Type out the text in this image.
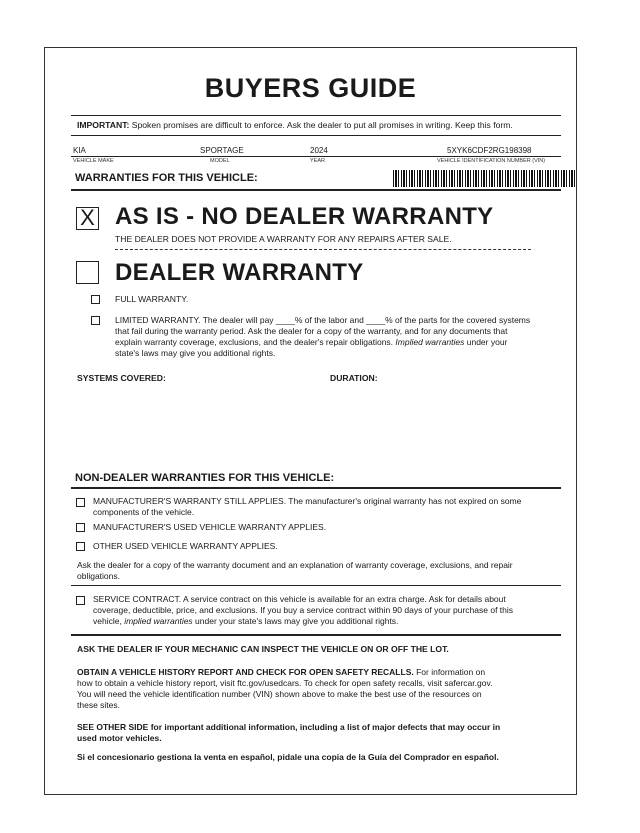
BUYERS GUIDE
IMPORTANT: Spoken promises are difficult to enforce. Ask the dealer to put all promises in writing. Keep this form.
KIA
VEHICLE MAKE
SPORTAGE
MODEL
2024
YEAR
5XYK6CDF2RG198398
VEHICLE IDENTIFICATION NUMBER (VIN)
WARRANTIES FOR THIS VEHICLE:
X AS IS - NO DEALER WARRANTY
THE DEALER DOES NOT PROVIDE A WARRANTY FOR ANY REPAIRS AFTER SALE.
DEALER WARRANTY
FULL WARRANTY.
LIMITED WARRANTY. The dealer will pay ____% of the labor and ____% of the parts for the covered systems
that fail during the warranty period. Ask the dealer for a copy of the warranty, and for any documents that
explain warranty coverage, exclusions, and the dealer's repair obligations. Implied warranties under your
state's laws may give you additional rights.
SYSTEMS COVERED:	DURATION:
NON-DEALER WARRANTIES FOR THIS VEHICLE:
MANUFACTURER'S WARRANTY STILL APPLIES. The manufacturer's original warranty has not expired on some
components of the vehicle.
MANUFACTURER'S USED VEHICLE WARRANTY APPLIES.
OTHER USED VEHICLE WARRANTY APPLIES.
Ask the dealer for a copy of the warranty document and an explanation of warranty coverage, exclusions, and repair
obligations.
SERVICE CONTRACT. A service contract on this vehicle is available for an extra charge. Ask for details about
coverage, deductible, price, and exclusions. If you buy a service contract within 90 days of your purchase of this
vehicle, implied warranties under your state's laws may give you additional rights.
ASK THE DEALER IF YOUR MECHANIC CAN INSPECT THE VEHICLE ON OR OFF THE LOT.
OBTAIN A VEHICLE HISTORY REPORT AND CHECK FOR OPEN SAFETY RECALLS. For information on
how to obtain a vehicle history report, visit ftc.gov/usedcars. To check for open safety recalls, visit safercar.gov.
You will need the vehicle identification number (VIN) shown above to make the best use of the resources on
these sites.
SEE OTHER SIDE for important additional information, including a list of major defects that may occur in
used motor vehicles.
Si el concesionario gestiona la venta en español, pidale una copia de la Guía del Comprador en español.
